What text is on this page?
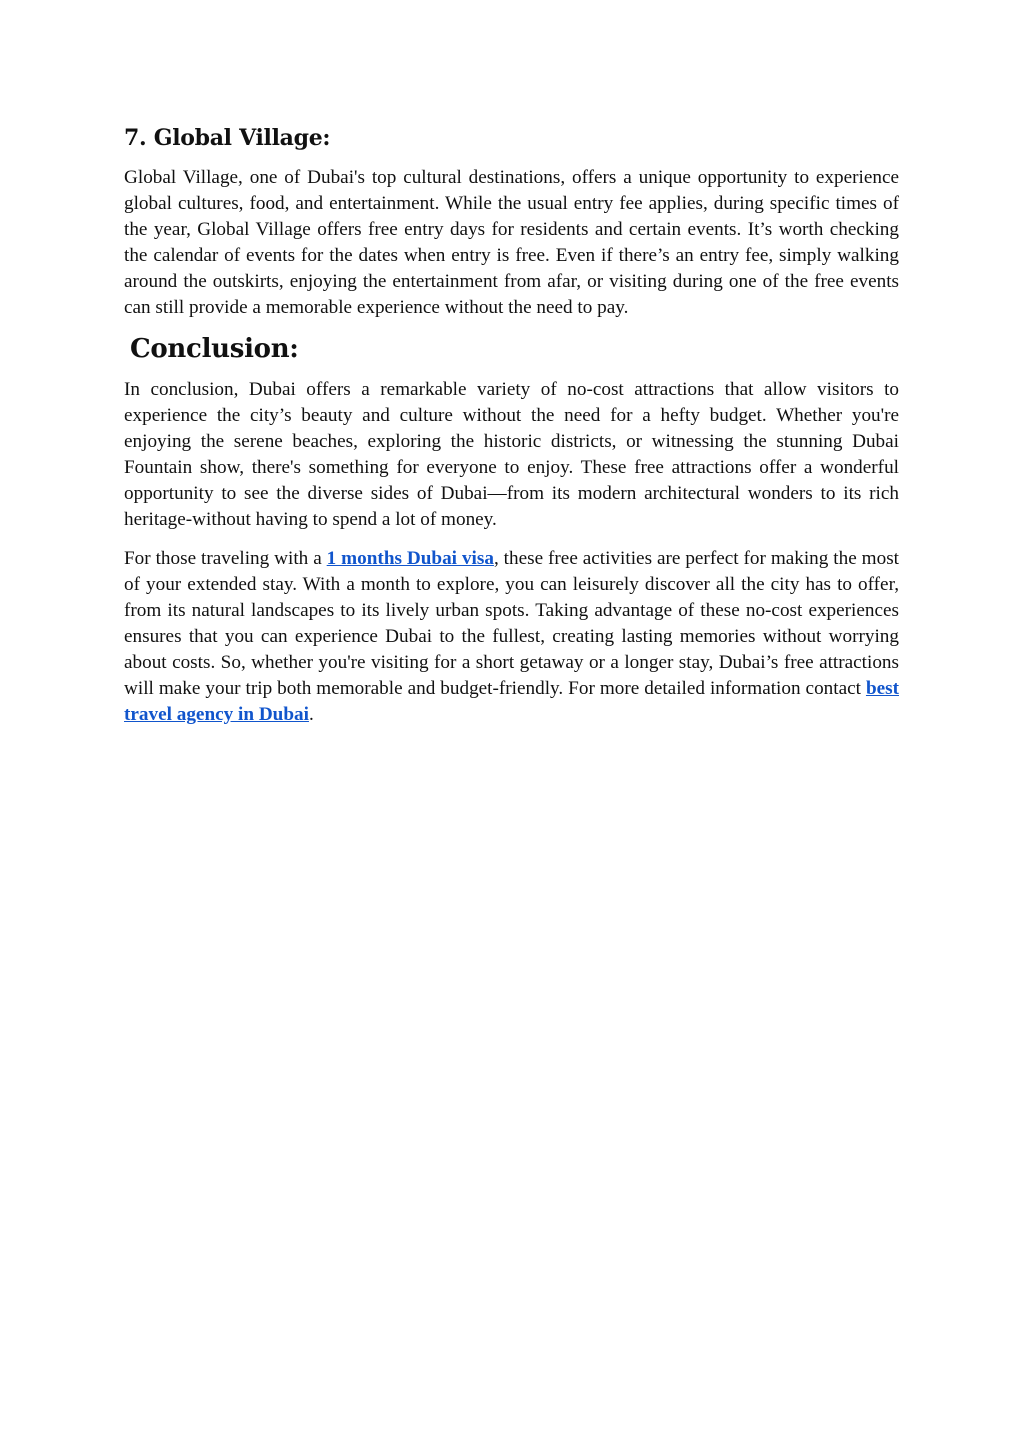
7. Global Village:

Global Village, one of Dubai's top cultural destinations, offers a unique opportunity to experience global cultures, food, and entertainment. While the usual entry fee applies, during specific times of the year, Global Village offers free entry days for residents and certain events. It’s worth checking the calendar of events for the dates when entry is free. Even if there’s an entry fee, simply walking around the outskirts, enjoying the entertainment from afar, or visiting during one of the free events can still provide a memorable experience without the need to pay.

Conclusion:

In conclusion, Dubai offers a remarkable variety of no-cost attractions that allow visitors to experience the city’s beauty and culture without the need for a hefty budget. Whether you're enjoying the serene beaches, exploring the historic districts, or witnessing the stunning Dubai Fountain show, there's something for everyone to enjoy. These free attractions offer a wonderful opportunity to see the diverse sides of Dubai—from its modern architectural wonders to its rich heritage-without having to spend a lot of money.

For those traveling with a 1 months Dubai visa, these free activities are perfect for making the most of your extended stay. With a month to explore, you can leisurely discover all the city has to offer, from its natural landscapes to its lively urban spots. Taking advantage of these no-cost experiences ensures that you can experience Dubai to the fullest, creating lasting memories without worrying about costs. So, whether you're visiting for a short getaway or a longer stay, Dubai’s free attractions will make your trip both memorable and budget-friendly. For more detailed information contact best travel agency in Dubai.
